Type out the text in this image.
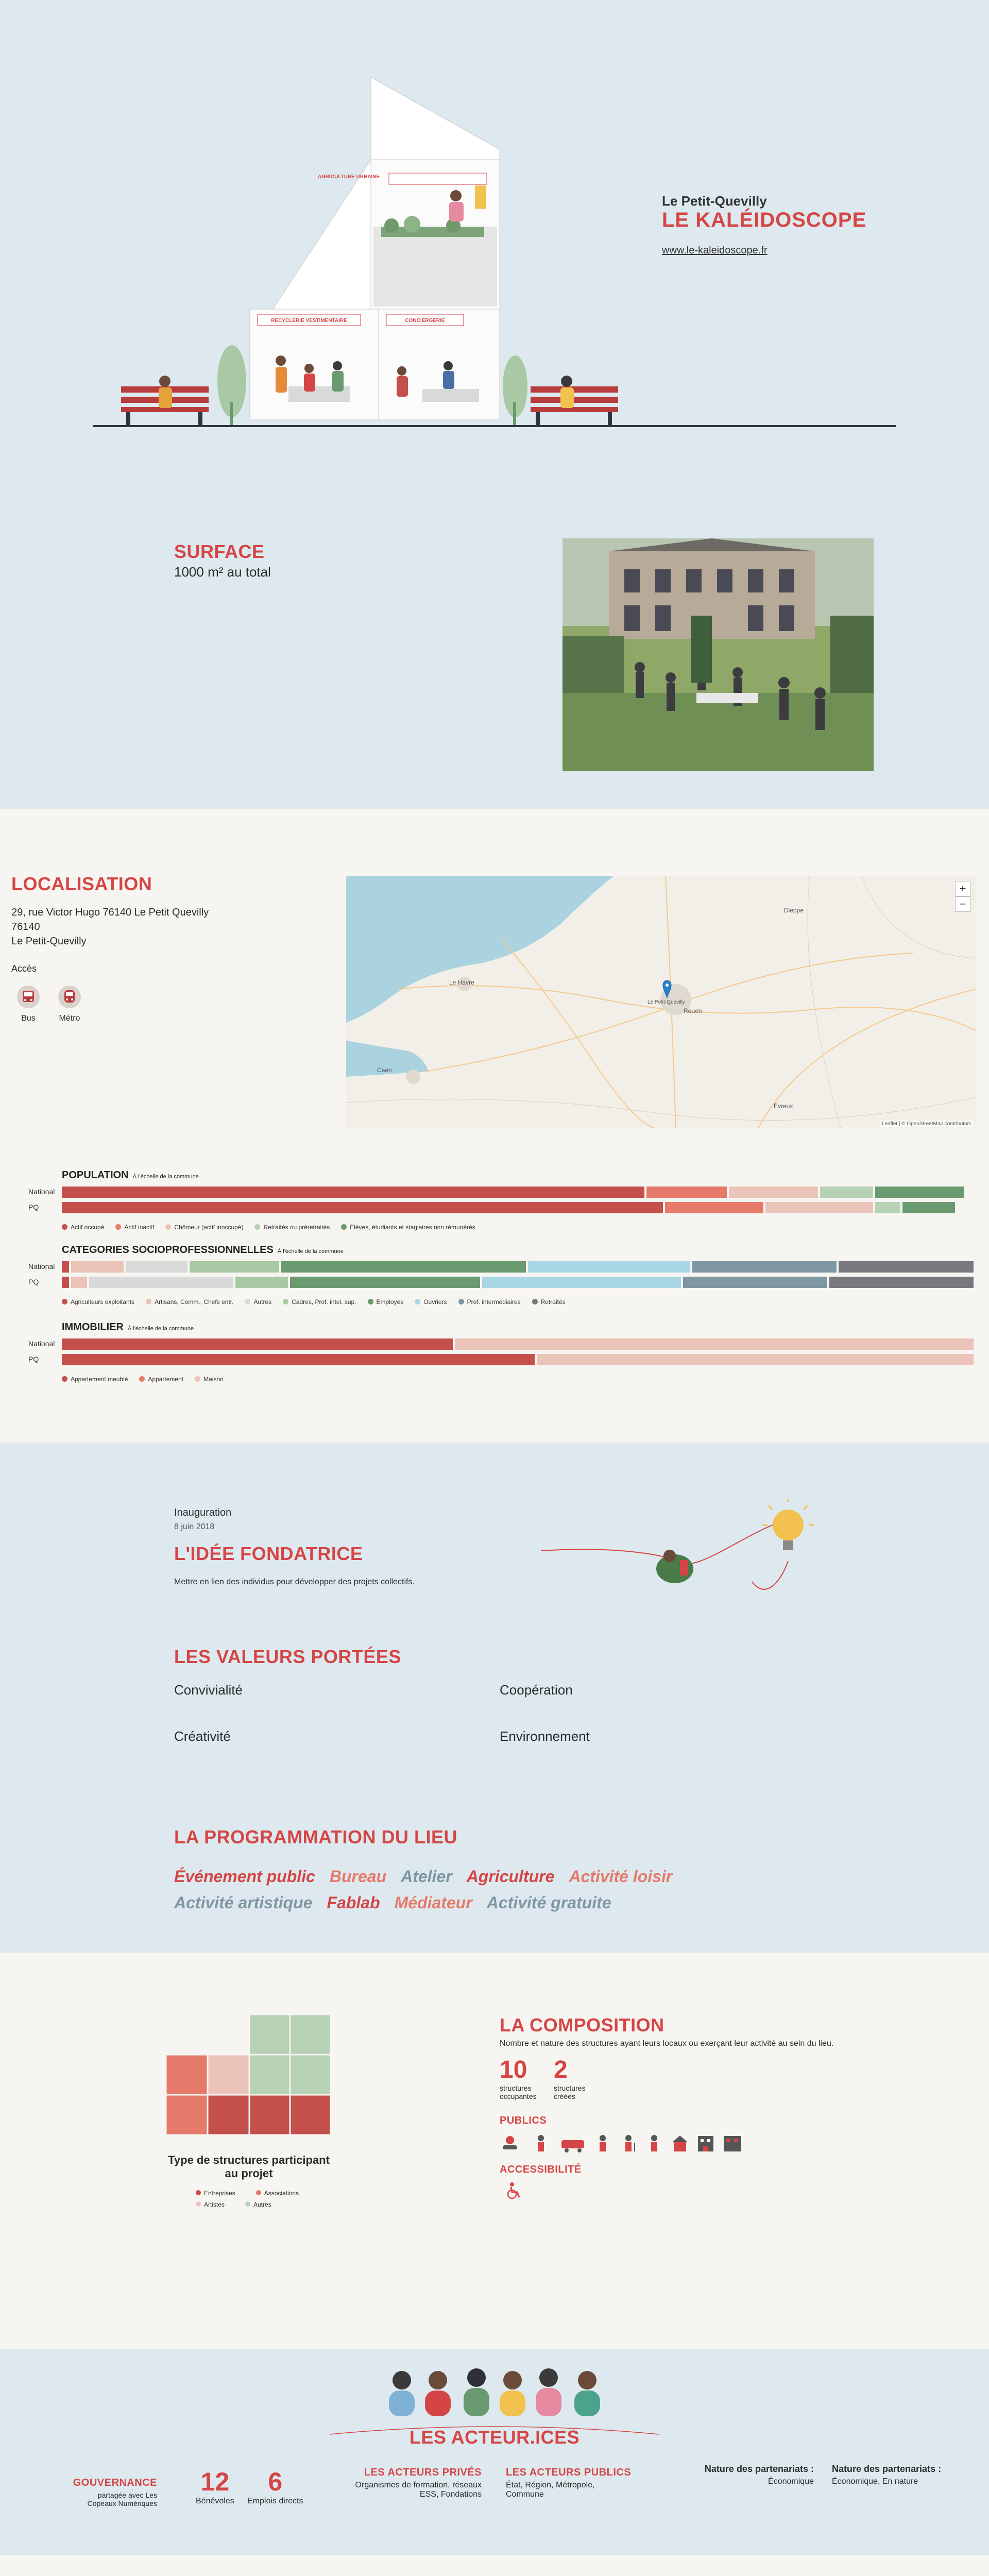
AGRICULTURE URBAINE
CONCIERGERIE
RECYCLERIE VESTIMENTAIRE
Le Petit-Quevilly
LE KALÉIDOSCOPE
www.le-kaleidoscope.fr
SURFACE
1000 m² au total
LOCALISATION
29, rue Victor Hugo 76140 Le Petit Quevilly
76140
Le Petit-Quevilly
Accès
Bus	Métro
Le Havre
Rouen
Caen
Le Petit-Quevilly
Dieppe
Évreux
+
−
Leaflet | © OpenStreetMap contributors
POPULATION À l'échelle de la commune
National
PQ
Actif occupé	Actif inactif	Chômeur (actif inoccupé)	Retraités ou préretraités	Élèves, étudiants et stagiaires non rémunérés
CATEGORIES SOCIOPROFESSIONNELLES À l'échelle de la commune
National
PQ
Agriculteurs exploitants	Artisans, Comm., Chefs entr.	Autres	Cadres, Prof. intel. sup.	Employés	Ouvriers	Prof. intermédiaires	Retraités
IMMOBILIER À l'échelle de la commune
National
PQ
Appartement meublé	Appartement	Maison
Inauguration
8 juin 2018
L'IDÉE FONDATRICE
Mettre en lien des individus pour développer des projets collectifs.
LES VALEURS PORTÉES
Convivialité	Coopération
Créativité	Environnement
LA PROGRAMMATION DU LIEU
Événement public Bureau Atelier Agriculture Activité loisir
Activité artistique Fablab Médiateur Activité gratuite
Type de structures participant au projet
Entreprises	Associations
Artistes	Autres
LA COMPOSITION
Nombre et nature des structures ayant leurs locaux ou exerçant leur activité au sein du lieu.
10
structures occupantes
2
structures créées
PUBLICS
ACCESSIBILITÉ
LES ACTEUR.ICES
GOUVERNANCE
partagée avec Les Copeaux Numériques
12
Bénévoles
6
Emplois directs
LES ACTEURS PRIVÉS
Organismes de formation, réseaux ESS, Fondations
LES ACTEURS PUBLICS
État, Région, Métropole, Commune
Nature des partenariats :
Économique
Nature des partenariats :
Économique, En nature
